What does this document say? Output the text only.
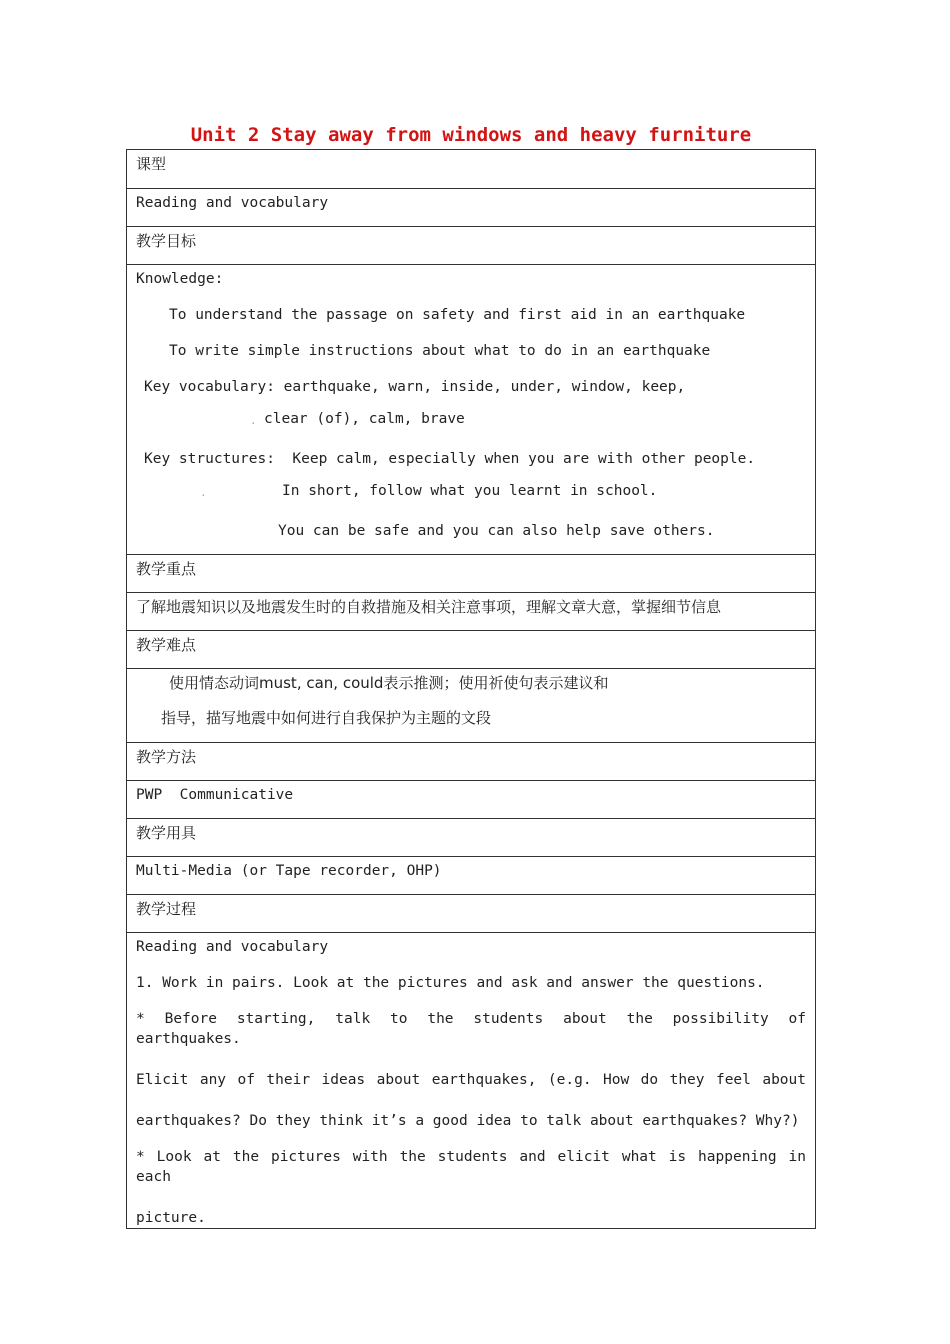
Unit 2 Stay away from windows and heavy furniture
课型
Reading and vocabulary
教学目标

Knowledge:
To understand the passage on safety and first aid in an earthquake
To write simple instructions about what to do in an earthquake
Key vocabulary: earthquake, warn, inside, under, window, keep,
. clear (of), calm, brave
Key structures:  Keep calm, especially when you are with other people.
.	In short, follow what you learnt in school.
You can be safe and you can also help save others.

教学重点
了解地震知识以及地震发生时的自救措施及相关注意事项，理解文章大意，掌握细节信息
教学难点

使用情态动词must, can, could表示推测；使用祈使句表示建议和
指导，描写地震中如何进行自我保护为主题的文段

教学方法
PWP  Communicative
教学用具
Multi-Media (or Tape recorder, OHP)
教学过程

Reading and vocabulary
1. Work in pairs. Look at the pictures and ask and answer the questions.
* Before starting, talk to the students about the possibility of earthquakes.
Elicit any of their ideas about earthquakes, (e.g. How do they feel about
earthquakes? Do they think it’s a good idea to talk about earthquakes? Why?)
* Look at the pictures with the students and elicit what is happening in each
picture.
